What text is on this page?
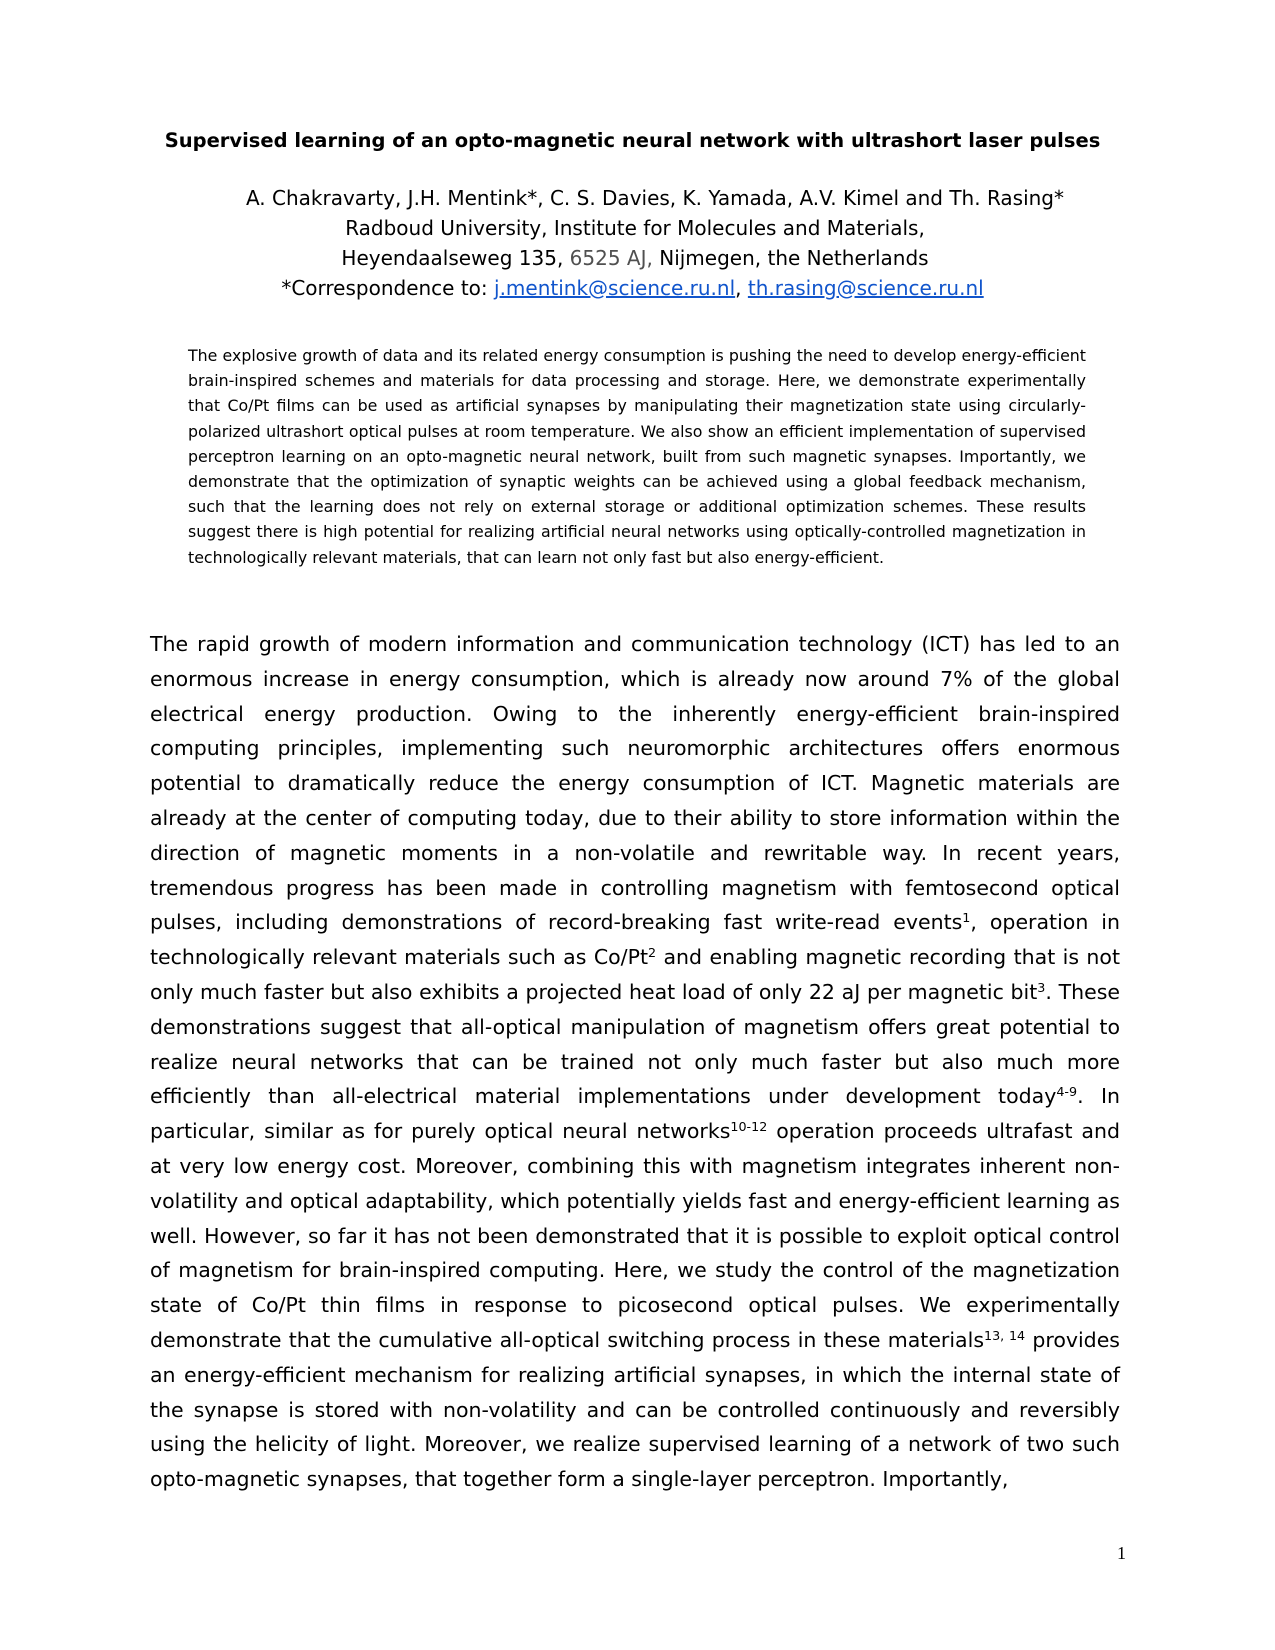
Supervised learning of an opto-magnetic neural network with ultrashort laser pulses
A. Chakravarty, J.H. Mentink*, C. S. Davies, K. Yamada, A.V. Kimel and Th. Rasing*
Radboud University, Institute for Molecules and Materials,
Heyendaalseweg 135, 6525 AJ, Nijmegen, the Netherlands
*Correspondence to: j.mentink@science.ru.nl, th.rasing@science.ru.nl
The explosive growth of data and its related energy consumption is pushing the need to develop energy-efficient brain-inspired schemes and materials for data processing and storage. Here, we demonstrate experimentally that Co/Pt films can be used as artificial synapses by manipulating their magnetization state using circularly-polarized ultrashort optical pulses at room temperature. We also show an efficient implementation of supervised perceptron learning on an opto-magnetic neural network, built from such magnetic synapses. Importantly, we demonstrate that the optimization of synaptic weights can be achieved using a global feedback mechanism, such that the learning does not rely on external storage or additional optimization schemes. These results suggest there is high potential for realizing artificial neural networks using optically-controlled magnetization in technologically relevant materials, that can learn not only fast but also energy-efficient.

The rapid growth of modern information and communication technology (ICT) has led to an enormous increase in energy consumption, which is already now around 7% of the global electrical energy production. Owing to the inherently energy-efficient brain-inspired computing principles, implementing such neuromorphic architectures offers enormous potential to dramatically reduce the energy consumption of ICT. Magnetic materials are already at the center of computing today, due to their ability to store information within the direction of magnetic moments in a non-volatile and rewritable way. In recent years, tremendous progress has been made in controlling magnetism with femtosecond optical pulses, including demonstrations of record-breaking fast write-read events$^1$, operation in technologically relevant materials such as Co/Pt$^2$ and enabling magnetic recording that is not only much faster but also exhibits a projected heat load of only 22 aJ per magnetic bit$^3$. These demonstrations suggest that all-optical manipulation of magnetism offers great potential to realize neural networks that can be trained not only much faster but also much more efficiently than all-electrical material implementations under development today$^{4-9}$. In particular, similar as for purely optical neural networks$^{10-12}$ operation proceeds ultrafast and at very low energy cost. Moreover, combining this with magnetism integrates inherent non-volatility and optical adaptability, which potentially yields fast and energy-efficient learning as well. However, so far it has not been demonstrated that it is possible to exploit optical control of magnetism for brain-inspired computing. Here, we study the control of the magnetization state of Co/Pt thin films in response to picosecond optical pulses. We experimentally demonstrate that the cumulative all-optical switching process in these materials$^{13, 14}$ provides an energy-efficient mechanism for realizing artificial synapses, in which the internal state of the synapse is stored with non-volatility and can be controlled continuously and reversibly using the helicity of light. Moreover, we realize supervised learning of a network of two such opto-magnetic synapses, that together form a single-layer perceptron. Importantly,

1
